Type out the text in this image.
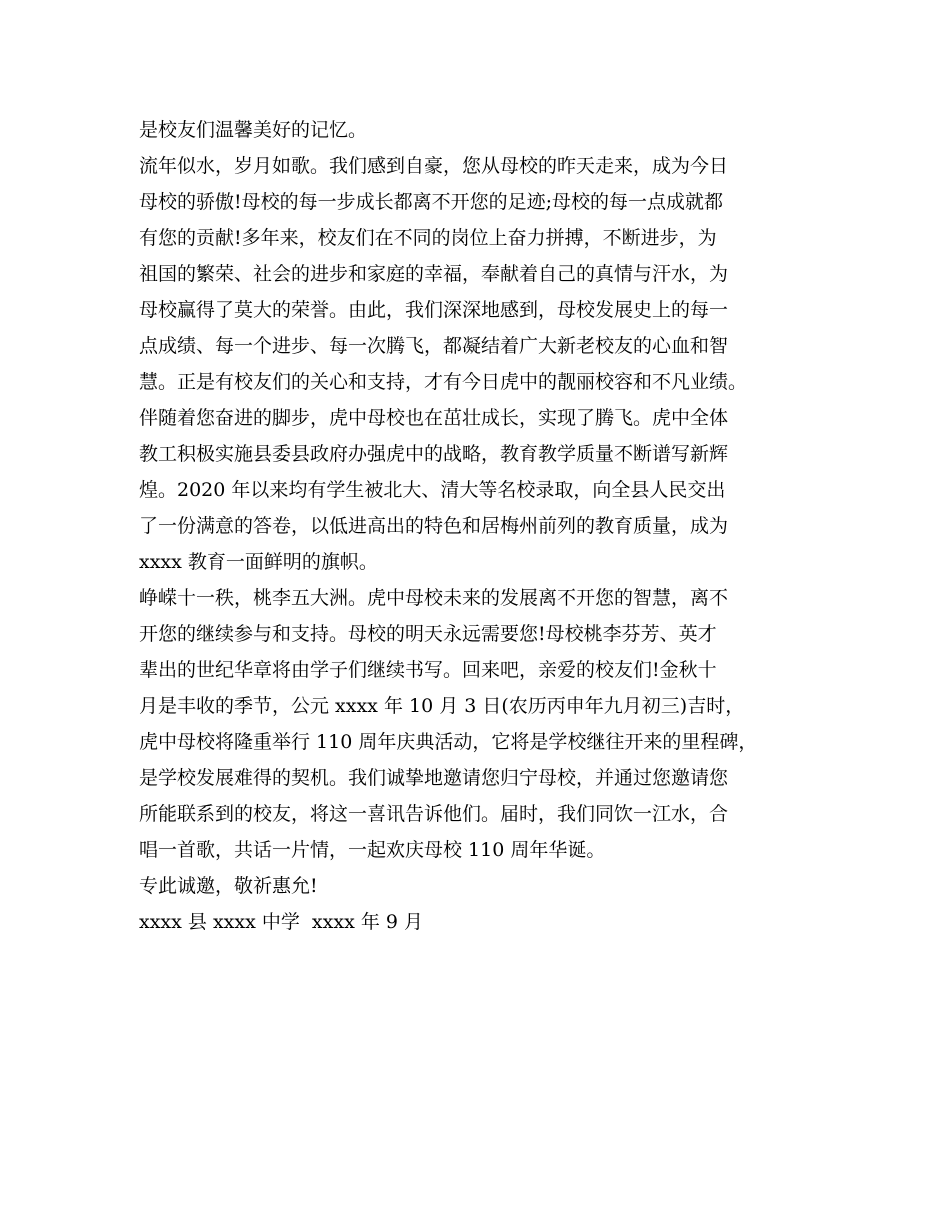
是校友们温馨美好的记忆。
流年似水，岁月如歌。我们感到自豪，您从母校的昨天走来，成为今日
母校的骄傲!母校的每一步成长都离不开您的足迹;母校的每一点成就都
有您的贡献!多年来，校友们在不同的岗位上奋力拼搏，不断进步，为
祖国的繁荣、社会的进步和家庭的幸福，奉献着自己的真情与汗水，为
母校赢得了莫大的荣誉。由此，我们深深地感到，母校发展史上的每一
点成绩、每一个进步、每一次腾飞，都凝结着广大新老校友的心血和智
慧。正是有校友们的关心和支持，才有今日虎中的靓丽校容和不凡业绩。
伴随着您奋进的脚步，虎中母校也在茁壮成长，实现了腾飞。虎中全体
教工积极实施县委县政府办强虎中的战略，教育教学质量不断谱写新辉
煌。2020 年以来均有学生被北大、清大等名校录取，向全县人民交出
了一份满意的答卷，以低进高出的特色和居梅州前列的教育质量，成为
xxxx 教育一面鲜明的旗帜。
峥嵘十一秩，桃李五大洲。虎中母校未来的发展离不开您的智慧，离不
开您的继续参与和支持。母校的明天永远需要您!母校桃李芬芳、英才
辈出的世纪华章将由学子们继续书写。回来吧，亲爱的校友们!金秋十
月是丰收的季节，公元 xxxx 年 10 月 3 日(农历丙申年九月初三)吉时，
虎中母校将隆重举行 110 周年庆典活动，它将是学校继往开来的里程碑，
是学校发展难得的契机。我们诚挚地邀请您归宁母校，并通过您邀请您
所能联系到的校友，将这一喜讯告诉他们。届时，我们同饮一江水，合
唱一首歌，共话一片情，一起欢庆母校 110 周年华诞。
专此诚邀，敬祈惠允!
xxxx 县 xxxx 中学  xxxx 年 9 月
